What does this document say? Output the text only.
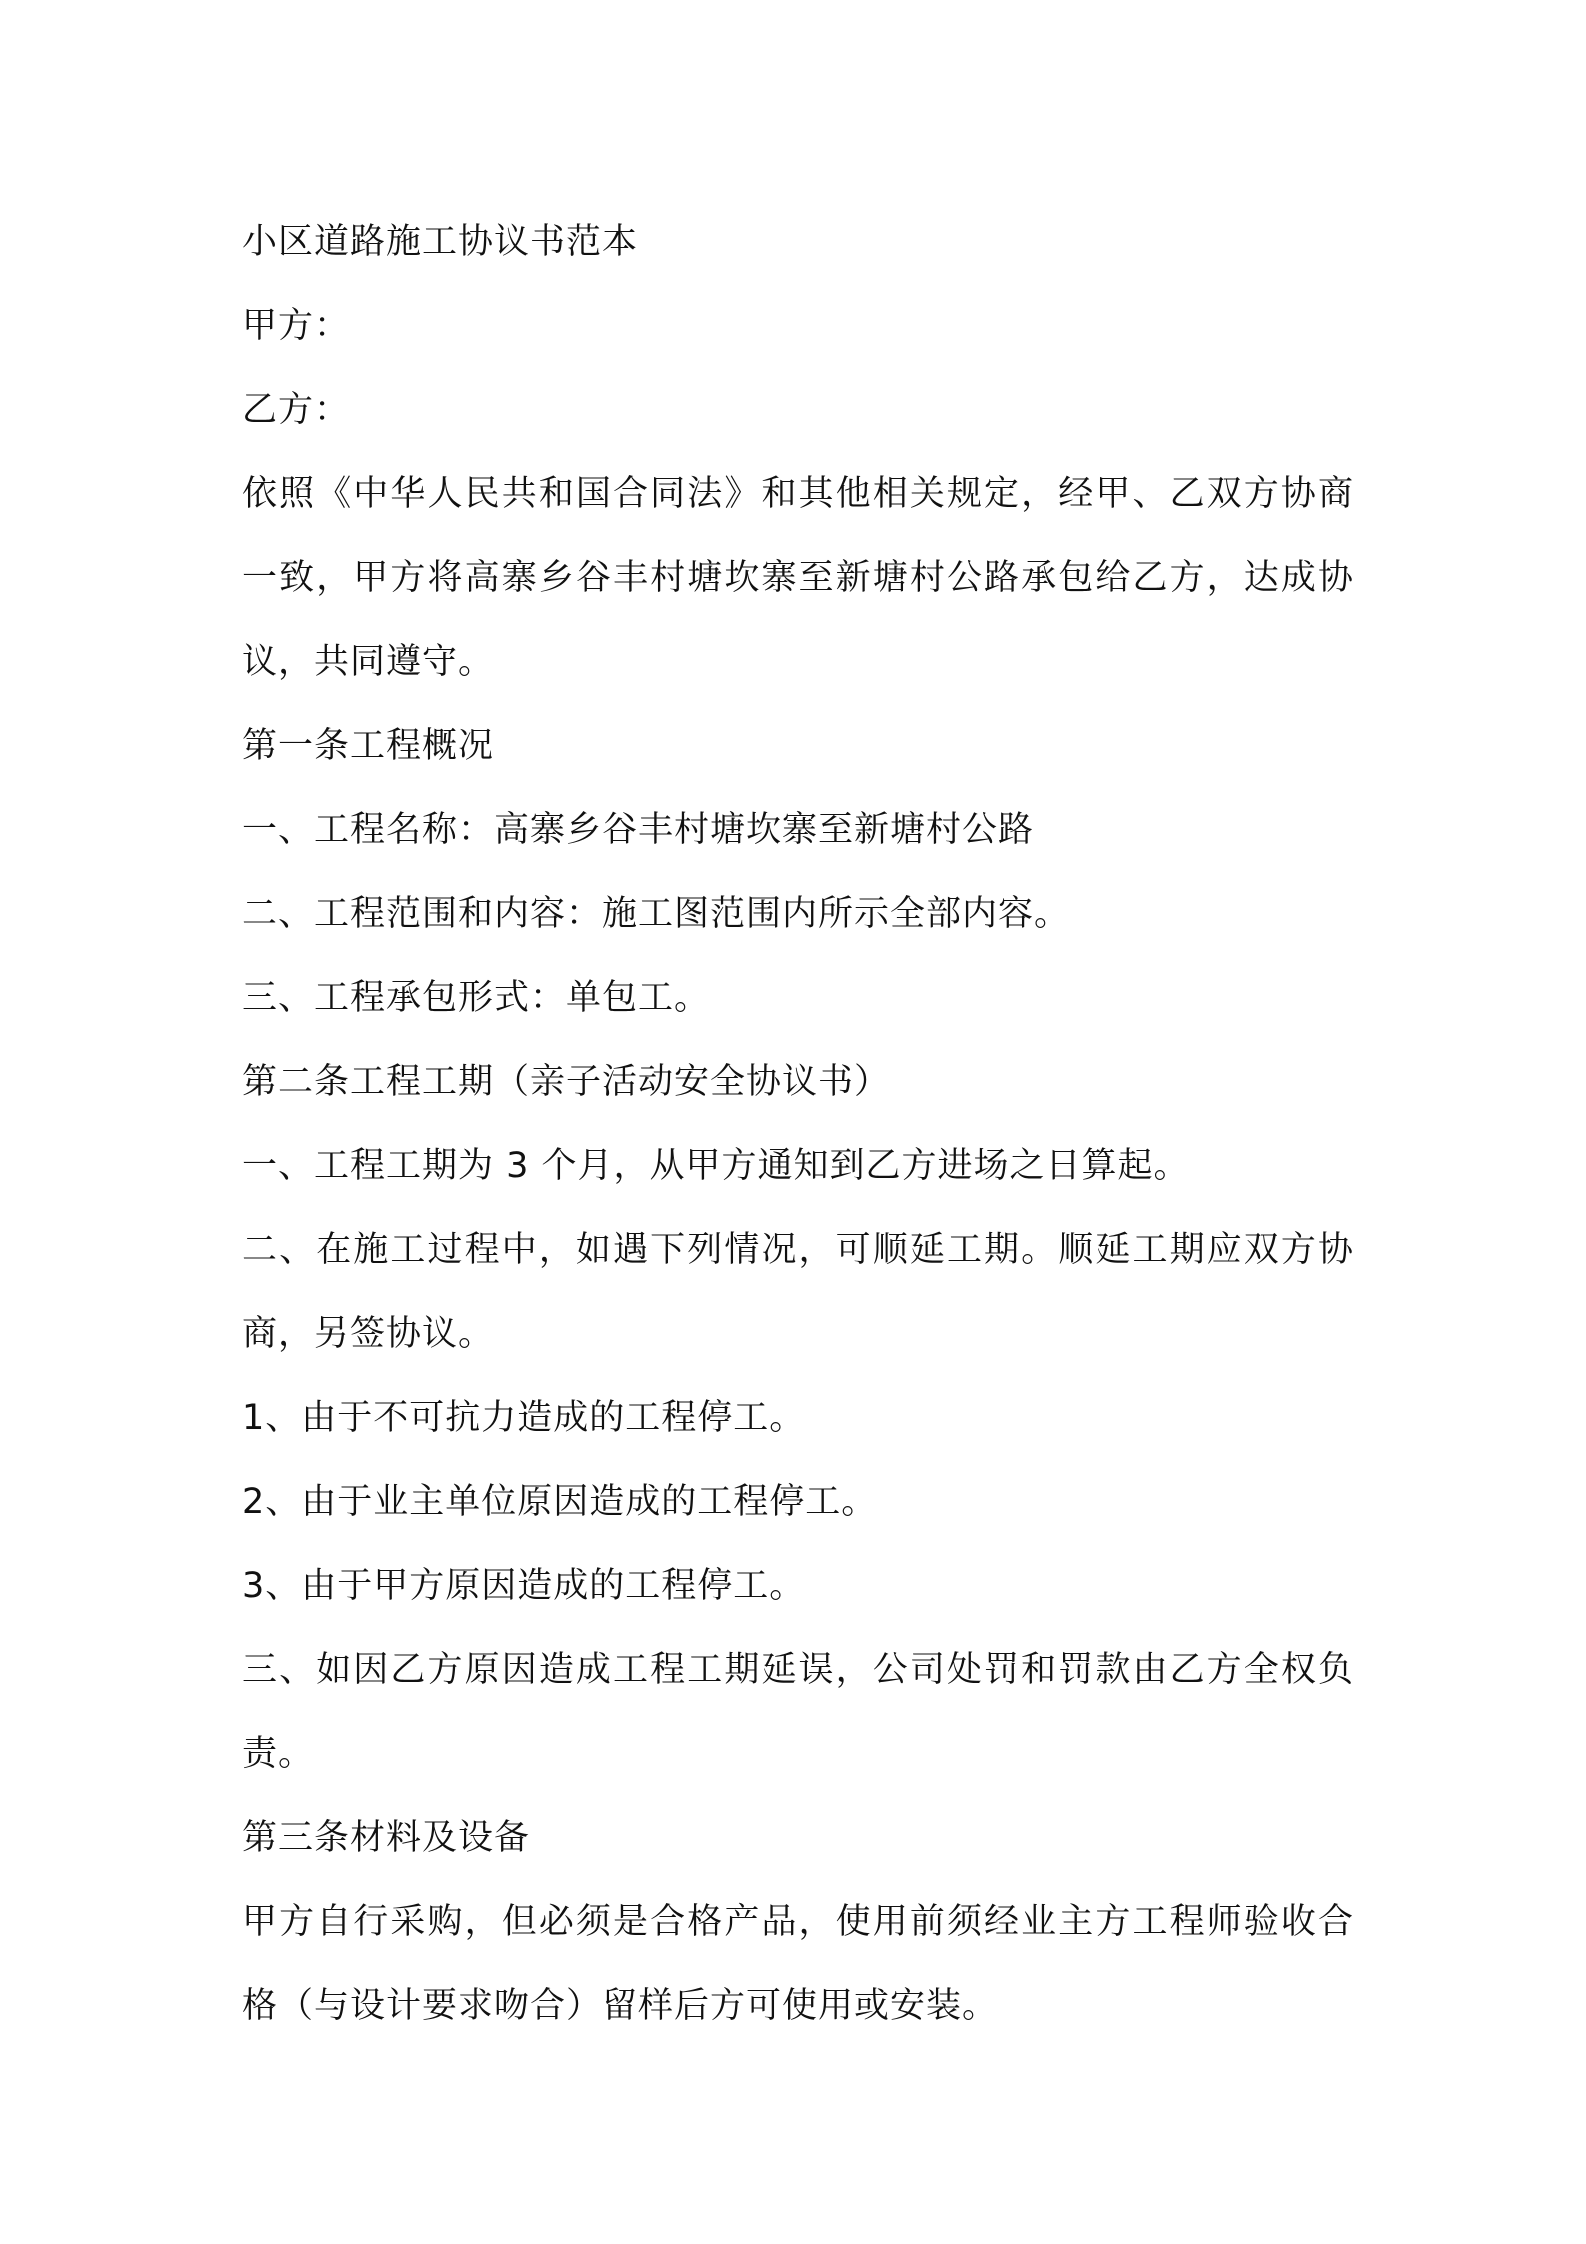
小区道路施工协议书范本

甲方：

乙方：

依照《中华人民共和国合同法》和其他相关规定，经甲、乙双方协商一致，甲方将高寨乡谷丰村塘坎寨至新塘村公路承包给乙方，达成协议，共同遵守。

第一条工程概况

一、工程名称：高寨乡谷丰村塘坎寨至新塘村公路

二、工程范围和内容：施工图范围内所示全部内容。

三、工程承包形式：单包工。

第二条工程工期（亲子活动安全协议书）

一、工程工期为 3 个月，从甲方通知到乙方进场之日算起。

二、在施工过程中，如遇下列情况，可顺延工期。顺延工期应双方协商，另签协议。

1、由于不可抗力造成的工程停工。

2、由于业主单位原因造成的工程停工。

3、由于甲方原因造成的工程停工。

三、如因乙方原因造成工程工期延误，公司处罚和罚款由乙方全权负责。

第三条材料及设备

甲方自行采购，但必须是合格产品，使用前须经业主方工程师验收合格（与设计要求吻合）留样后方可使用或安装。
